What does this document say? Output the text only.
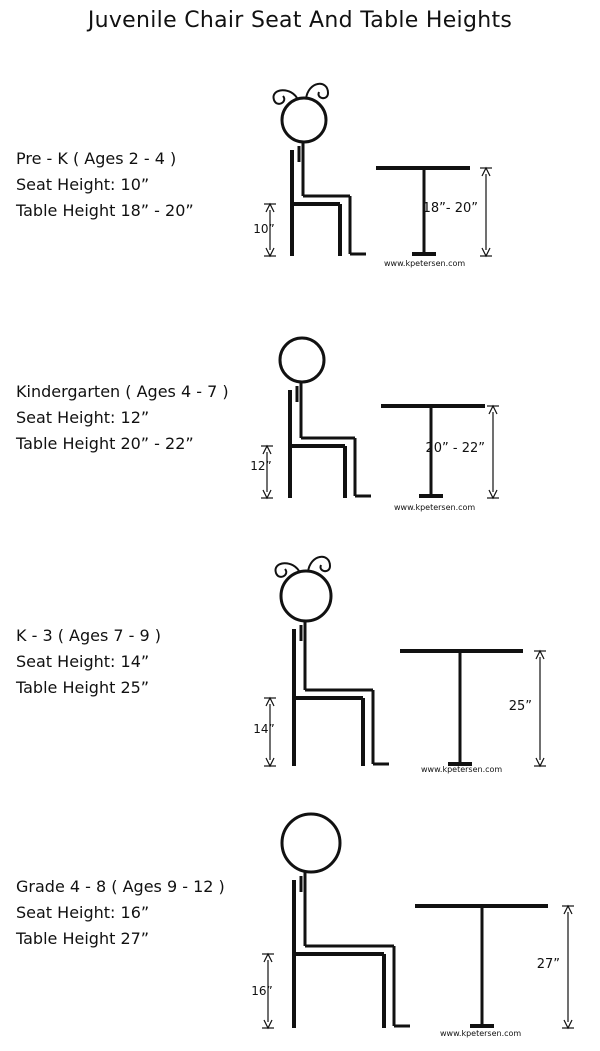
Juvenile Chair Seat And Table Heights
Pre - K ( Ages 2 - 4 )
Seat Height: 10”
Table Height 18” - 20”
Kindergarten ( Ages 4 - 7 )
Seat Height: 12”
Table Height 20” - 22”
K - 3 ( Ages 7 - 9 )
Seat Height: 14”
Table Height 25”
Grade 4 - 8 ( Ages 9 - 12 )
Seat Height: 16”
Table Height 27”
18”- 20”
10”
www.kpetersen.com
20” - 22”
12”
www.kpetersen.com
25”
14”
www.kpetersen.com
27”
16”
www.kpetersen.com
